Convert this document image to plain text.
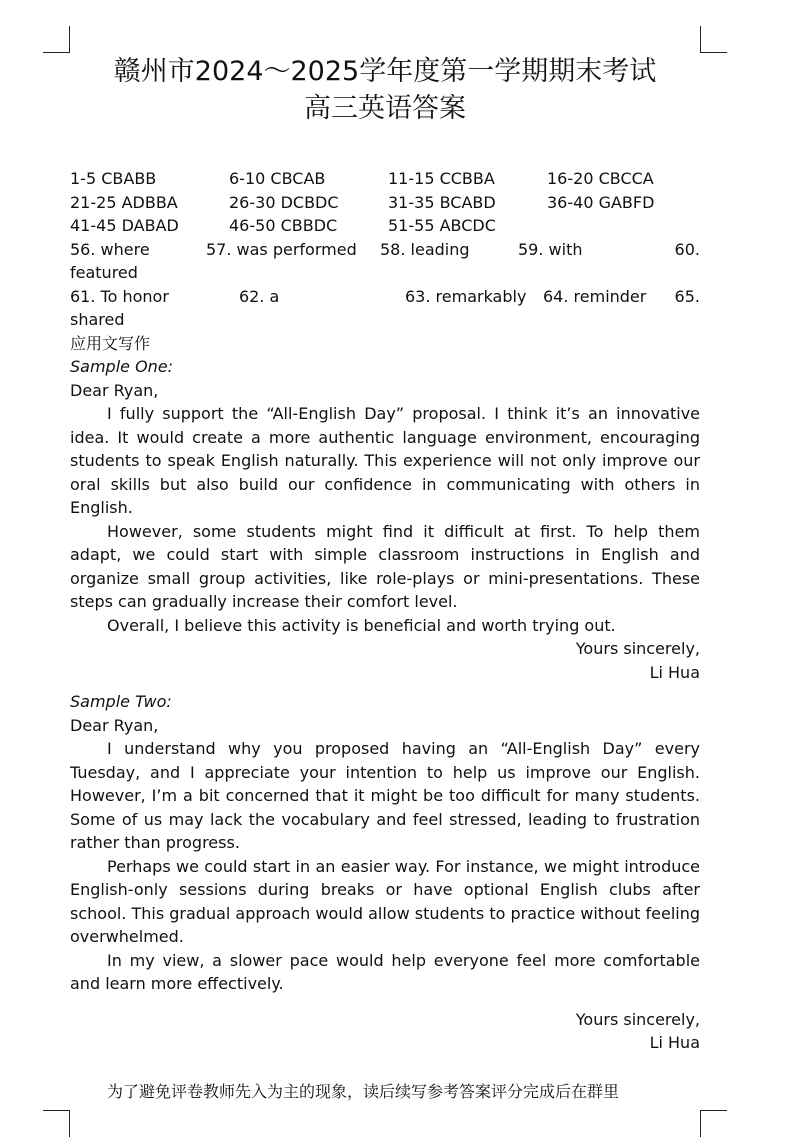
赣州市2024～2025学年度第一学期期末考试
高三英语答案
1-5 CBABB	6-10 CBCAB	11-15 CCBBA	16-20 CBCCA
21-25 ADBBA	26-30 DCBDC	31-35 BCABD	36-40 GABFD
41-45 DABAD	46-50 CBBDC	51-55 ABCDC
56. where	57. was performed 58. leading	59. with	60.
featured
61. To honor	62. a	63. remarkably 64. reminder 65.
shared
应用文写作
Sample One:
Dear Ryan,

I fully support the “All-English Day” proposal. I think it’s an innovative idea. It would create a more authentic language environment, encouraging students to speak English naturally. This experience will not only improve our oral skills but also build our confidence in communicating with others in English.

However, some students might find it difficult at first. To help them adapt, we could start with simple classroom instructions in English and organize small group activities, like role-plays or mini-presentations. These steps can gradually increase their comfort level.

Overall, I believe this activity is beneficial and worth trying out.

Yours sincerely,
Li Hua
Sample Two:
Dear Ryan,

I understand why you proposed having an “All-English Day” every Tuesday, and I appreciate your intention to help us improve our English. However, I’m a bit concerned that it might be too difficult for many students. Some of us may lack the vocabulary and feel stressed, leading to frustration rather than progress.

Perhaps we could start in an easier way. For instance, we might introduce English-only sessions during breaks or have optional English clubs after school. This gradual approach would allow students to practice without feeling overwhelmed.

In my view, a slower pace would help everyone feel more comfortable and learn more effectively.

Yours sincerely,
Li Hua
为了避免评卷教师先入为主的现象，读后续写参考答案评分完成后在群里
